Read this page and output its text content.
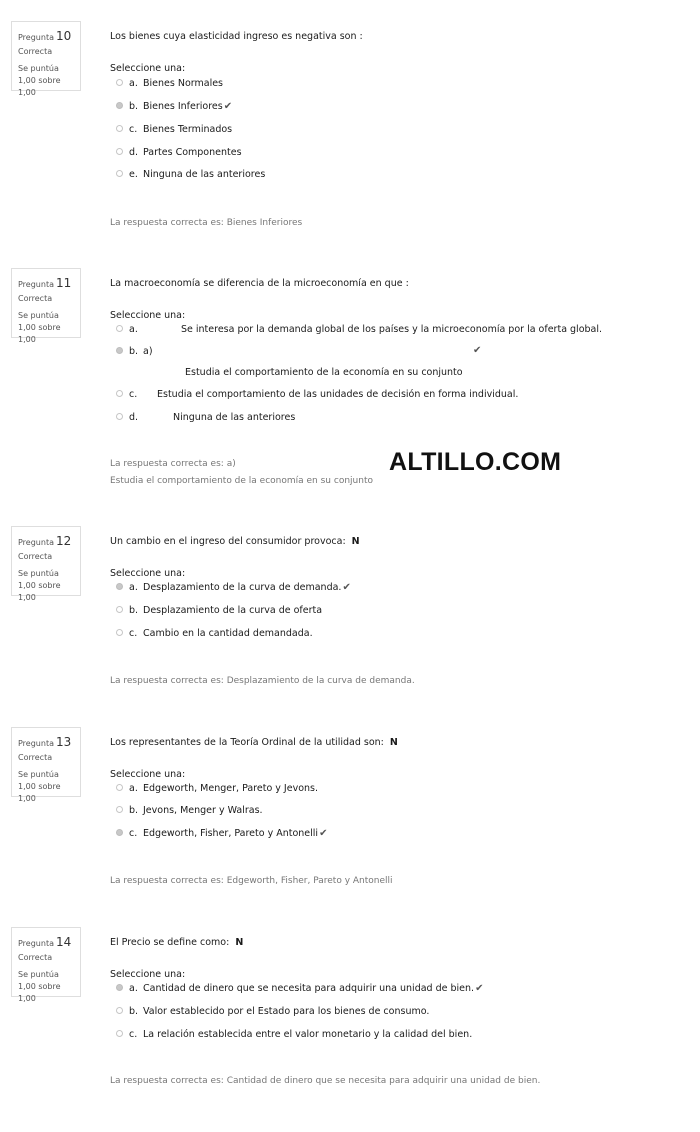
ALTILLO.COM
Pregunta 10
Correcta
Se puntúa 1,00 sobre 1,00
Los bienes cuya elasticidad ingreso es negativa son :
Seleccione una:
a. Bienes Normales
b. Bienes Inferiores✔
c. Bienes Terminados
d. Partes Componentes
e. Ninguna de las anteriores
La respuesta correcta es: Bienes Inferiores
Pregunta 11
Correcta
Se puntúa 1,00 sobre 1,00
La macroeconomía se diferencia de la microeconomía en que :
Seleccione una:
a.	Se interesa por la demanda global de los países y la microeconomía por la oferta global.
b. a)	✔
Estudia el comportamiento de la economía en su conjunto
c. Estudia el comportamiento de las unidades de decisión en forma individual.
d.	Ninguna de las anteriores
La respuesta correcta es: a)
Estudia el comportamiento de la economía en su conjunto
Pregunta 12
Correcta
Se puntúa 1,00 sobre 1,00
Un cambio en el ingreso del consumidor provoca: N
Seleccione una:
a. Desplazamiento de la curva de demanda.✔
b. Desplazamiento de la curva de oferta
c. Cambio en la cantidad demandada.
La respuesta correcta es: Desplazamiento de la curva de demanda.
Pregunta 13
Correcta
Se puntúa 1,00 sobre 1,00
Los representantes de la Teoría Ordinal de la utilidad son: N
Seleccione una:
a. Edgeworth, Menger, Pareto y Jevons.
b. Jevons, Menger y Walras.
c. Edgeworth, Fisher, Pareto y Antonelli✔
La respuesta correcta es: Edgeworth, Fisher, Pareto y Antonelli
Pregunta 14
Correcta
Se puntúa 1,00 sobre 1,00
El Precio se define como: N
Seleccione una:
a. Cantidad de dinero que se necesita para adquirir una unidad de bien.✔
b. Valor establecido por el Estado para los bienes de consumo.
c. La relación establecida entre el valor monetario y la calidad del bien.
La respuesta correcta es: Cantidad de dinero que se necesita para adquirir una unidad de bien.
